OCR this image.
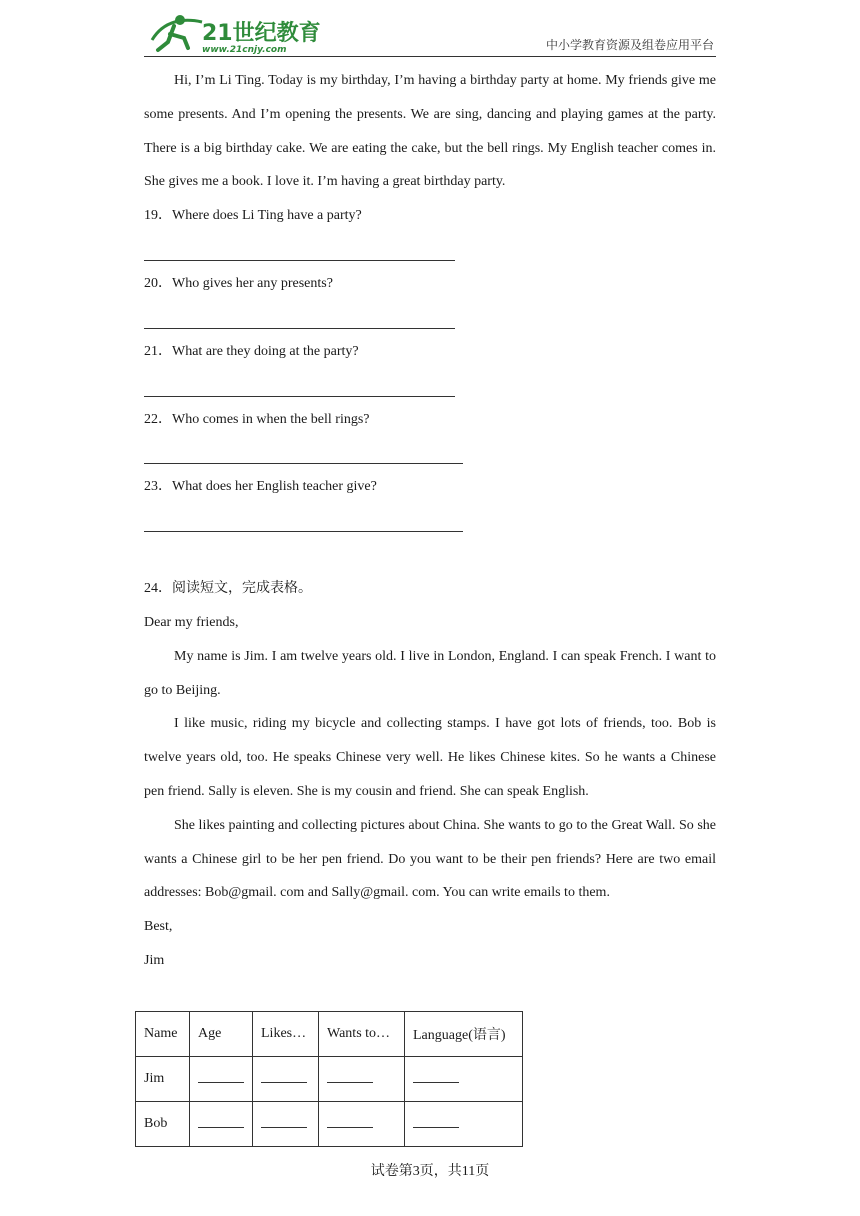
21世纪教育
www.21cnjy.com	中小学教育资源及组卷应用平台

Hi, I’m Li Ting. Today is my birthday, I’m having a birthday party at home. My friends give me some presents. And I’m opening the presents. We are sing, dancing and playing games at the party. There is a big birthday cake. We are eating the cake, but the bell rings. My English teacher comes in. She gives me a book. I love it. I’m having a great birthday party.

19．Where does Li Ting have a party?

20．Who gives her any presents?

21．What are they doing at the party?

22．Who comes in when the bell rings?

23．What does her English teacher give?

24．阅读短文，完成表格。

Dear my friends,

My name is Jim. I am twelve years old. I live in London, England. I can speak French. I want to go to Beijing.

I like music, riding my bicycle and collecting stamps. I have got lots of friends, too. Bob is twelve years old, too. He speaks Chinese very well. He likes Chinese kites. So he wants a Chinese pen friend. Sally is eleven. She is my cousin and friend. She can speak English.

She likes painting and collecting pictures about China. She wants to go to the Great Wall. So she wants a Chinese girl to be her pen friend. Do you want to be their pen friends? Here are two email addresses: Bob@gmail. com and Sally@gmail. com. You can write emails to them.

Best,

Jim

Name	Age	Likes…	Wants to…	Language(语言)
Jim				
Bob				
试卷第3页，共11页
